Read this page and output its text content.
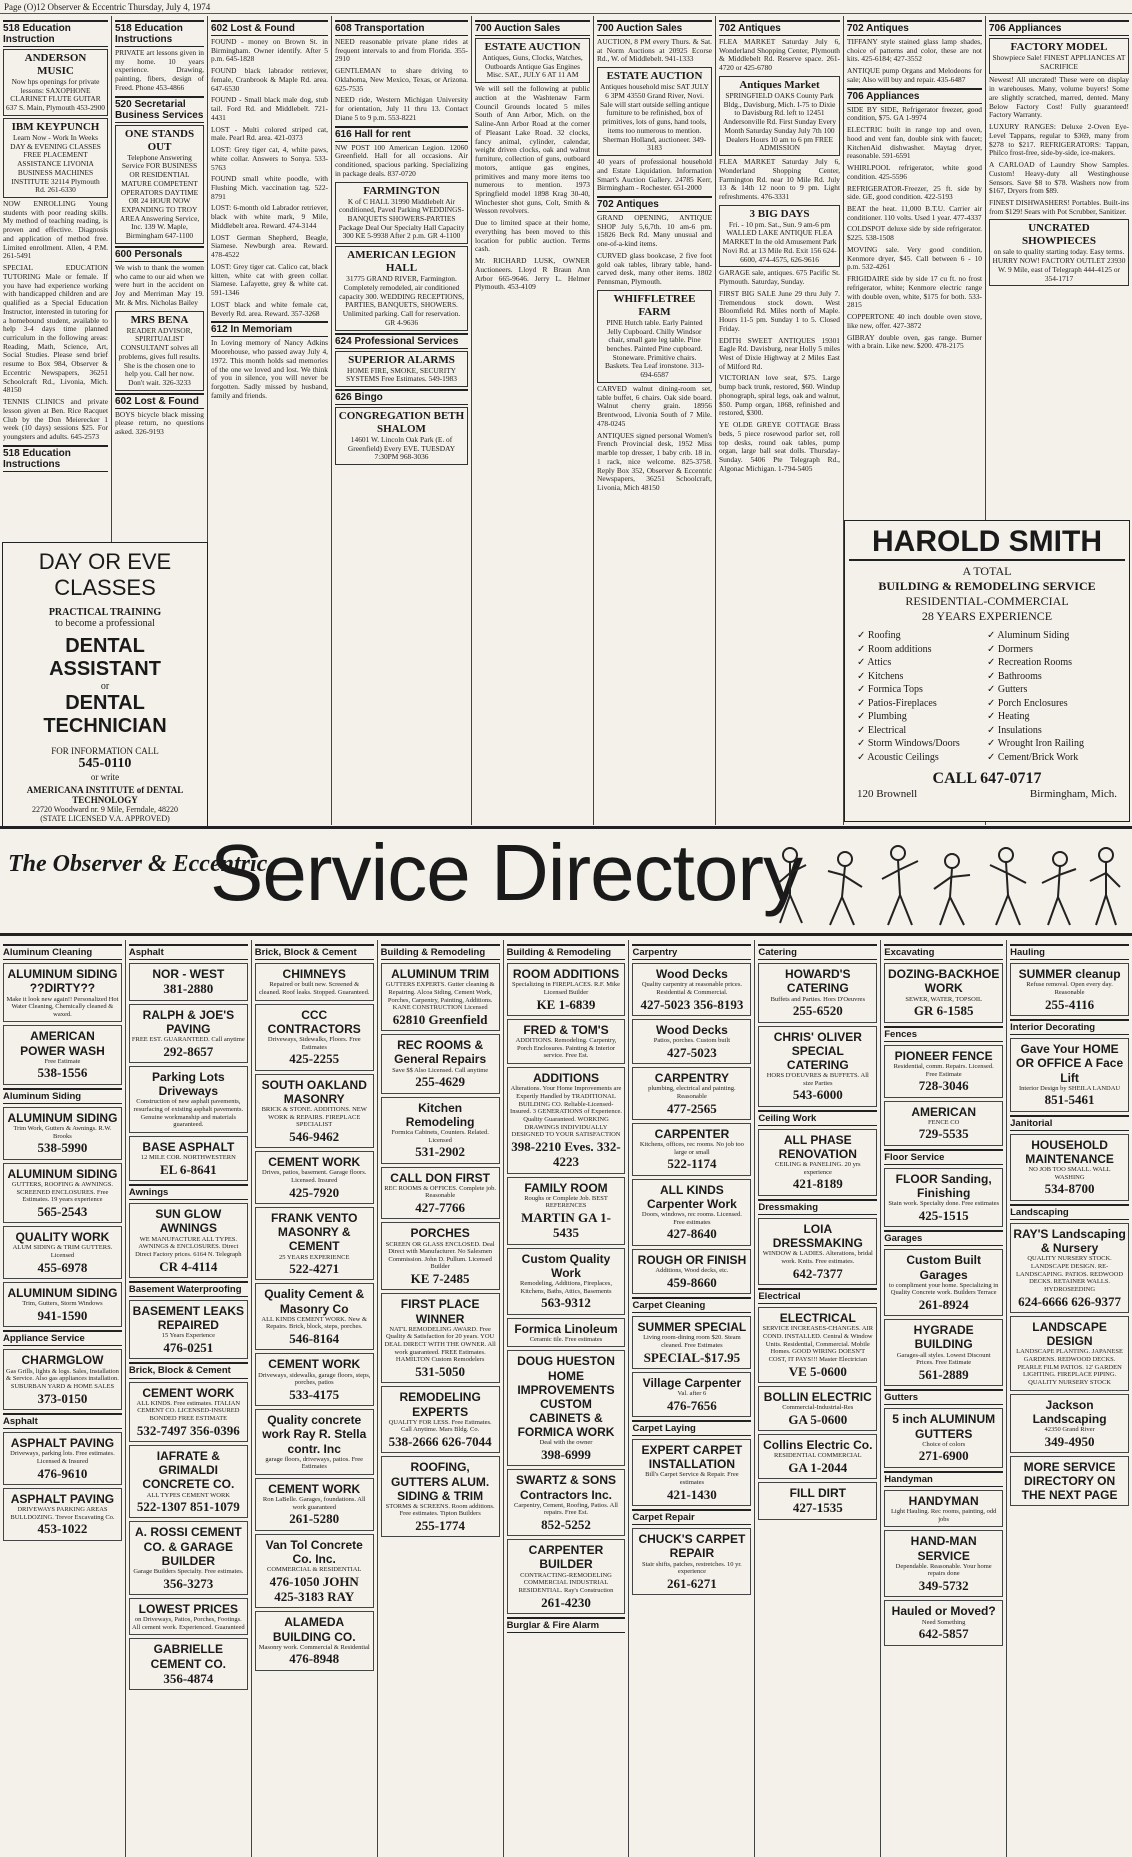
Page (O)12 Observer & Eccentric Thursday, July 4, 1974
518 Education Instruction
ANDERSON MUSIC
Now hps openings for private lessons: SAXOPHONE CLARINET FLUTE GUITAR 637 S. Main, Plymouth 453-2900
IBM KEYPUNCH
Learn Now - Work In Weeks DAY & EVENING CLASSES FREE PLACEMENT ASSISTANCE LIVONIA BUSINESS MACHINES INSTITUTE 32114 Plymouth Rd. 261-6330
NOW ENROLLING Young students with poor reading skills. My method of teaching reading, is proven and effective. Diagnosis and application of method free. Limited enrollment. Allen, 4 P.M. 261-5491
SPECIAL EDUCATION TUTORING Male or female. If you have had experience working with handicapped children and are qualified as a Special Education Instructor, interested in tutoring for a homebound student, available to help 3-4 days time planned curriculum in the following areas: Reading, Math, Science, Art, Social Studies. Please send brief resume to Box 984, Observer & Eccentric Newspapers, 36251 Schoolcraft Rd., Livonia, Mich. 48150
TENNIS CLINICS and private lesson given at Ben. Rice Racquet Club by the Don Meierecker 1 week (10 days) sessions $25. For youngsters and adults. 645-2573
518 Education Instructions
518 Education Instructions
PRIVATE art lessons given in my home. 10 years experience. Drawing, painting, fibers, design of Freed. Phone 453-4866
520 Secretarial Business Services
ONE STANDS OUT
Telephone Answering Service FOR BUSINESS OR RESIDENTIAL MATURE COMPETENT OPERATORS DAYTIME OR 24 HOUR NOW EXPANDING TO TROY AREA Answering Service, Inc. 139 W. Maple, Birmingham 647-1100
600 Personals
We wish to thank the women who came to our aid when we were hurt in the accident on Joy and Merriman May 19. Mr. & Mrs. Nicholas Bailey
MRS BENA
READER ADVISOR, SPIRITUALIST CONSULTANT solves all problems, gives full results. She is the chosen one to help you. Call her now. Don't wait. 326-3233
602 Lost & Found
BOYS bicycle black missing please return, no questions asked. 326-9193
602 Lost & Found
FOUND - money on Brown St. in Birmingham. Owner identify. After 5 p.m. 645-1828
FOUND black labrador retriever, female, Cranbrook & Maple Rd. area. 647-6530
FOUND - Small black male dog, stub tail. Ford Rd. and Middlebelt. 721-4431
LOST - Multi colored striped cat, male. Pearl Rd. area. 421-0373
LOST: Grey tiger cat, 4, white paws, white collar. Answers to Sonya. 533-5763
FOUND small white poodle, with Flushing Mich. vaccination tag. 522-8791
LOST: 6-month old Labrador retriever, black with white mark, 9 Mile, Middlebelt area. Reward. 474-3144
LOST German Shepherd, Beagle, Siamese. Newburgh area. Reward. 478-4522
LOST: Grey tiger cat. Calico cat, black kitten, white cat with green collar. Siamese. Lafayette, grey & white cat. 591-1346
LOST black and white female cat, Beverly Rd. area. Reward. 357-3268
612 In Memoriam
In Loving memory of Nancy Adkins Moorehouse, who passed away July 4, 1972. This month holds sad memories of the one we loved and lost. We think of you in silence, you will never be forgotten. Sadly missed by husband, family and friends.
608 Transportation
NEED reasonable private plane rides at frequent intervals to and from Florida. 355-2910
GENTLEMAN to share driving to Oklahoma, New Mexico, Texas, or Arizona. 625-7535
NEED ride, Western Michigan University for orientation, July 11 thru 13. Contact Diane 5 to 9 p.m. 553-8221
616 Hall for rent
NW POST 100 American Legion. 12060 Greenfield. Hall for all occasions. Air conditioned, spacious parking. Specializing in package deals. 837-0720
FARMINGTON
K of C HALL 31990 Middlebelt Air conditioned, Paved Parking WEDDINGS-BANQUETS SHOWERS-PARTIES Package Deal Our Specialty Hall Capacity 300 KE 5-9938 After 2 p.m. GR 4-1100
AMERICAN LEGION HALL
31775 GRAND RIVER, Farmington. Completely remodeled, air conditioned capacity 300. WEDDING RECEPTIONS, PARTIES, BANQUETS, SHOWERS. Unlimited parking. Call for reservation. GR 4-9636
624 Professional Services
SUPERIOR ALARMS
HOME FIRE, SMOKE, SECURITY SYSTEMS Free Estimates. 549-1983
626 Bingo
CONGREGATION BETH SHALOM
14601 W. Lincoln Oak Park (E. of Greenfield) Every EVE. TUESDAY 7:30PM 968-3036
700 Auction Sales
ESTATE AUCTION
Antiques, Guns, Clocks, Watches, Outboards Antique Gas Engines Misc. SAT., JULY 6 AT 11 AM
We will sell the following at public auction at the Washtenaw Farm Council Grounds located 5 miles South of Ann Arbor, Mich. on the Saline-Ann Arbor Road at the corner of Pleasant Lake Road. 32 clocks, fancy animal, cylinder, calendar, weight driven clocks, oak and walnut furniture, collection of guns, outboard motors, antique gas engines, primitives and many more items too numerous to mention. 1973 Springfield model 1898 Krag 30-40, Winchester shot guns, Colt, Smith & Wesson revolvers.
Due to limited space at their home, everything has been moved to this location for public auction. Terms cash.
Mr. RICHARD LUSK, OWNER Auctioneers. Lloyd R Braun Ann Arbor 665-9646. Jerry L. Helmer Plymouth. 453-4109
700 Auction Sales
AUCTION, 8 PM every Thurs. & Sat. at Norm Auctions at 20925 Ecorse Rd., W. of Middlebelt. 941-1333
ESTATE AUCTION
Antiques household misc SAT JULY 6 3PM 43550 Grand River, Novi. Sale will start outside selling antique furniture to be refinished, box of primitives, lots of guns, hand tools, items too numerous to mention. Sherman Holland, auctioneer. 349-3183
40 years of professional household and Estate Liquidation. Information Smart's Auction Gallery. 24785 Kerr, Birmingham - Rochester. 651-2000
702 Antiques
GRAND OPENING, ANTIQUE SHOP July 5,6,7th. 10 am-6 pm. 15826 Beck Rd. Many unusual and one-of-a-kind items.
CURVED glass bookcase, 2 five foot gold oak tables, library table, hand-carved desk, many other items. 1802 Pennsman, Plymouth.
WHIFFLETREE FARM
PINE Hutch table. Early Painted Jelly Cupboard. Chilly Windsor chair, small gate leg table. Pine benches. Painted Pine cupboard. Stoneware. Primitive chairs. Baskets. Tea Leaf ironstone. 313-694-6587
CARVED walnut dining-room set, table buffet, 6 chairs. Oak side board. Walnut cherry grain. 18956 Brentwood, Livonia South of 7 Mile. 478-0245
ANTIQUES signed personal Women's French Provincial desk, 1952 Miss marble top dresser, 1 baby crib. 18 in. 1 rack, nice welcome. 825-3758. Reply Box 352, Observer & Eccentric Newspapers, 36251 Schoolcraft, Livonia, Mich 48150
702 Antiques
FLEA MARKET Saturday July 6, Wonderland Shopping Center, Plymouth & Middlebelt Rd. Reserve space. 261-4720 or 425-6780
Antiques Market
SPRINGFIELD OAKS County Park Bldg., Davisburg, Mich. I-75 to Dixie to Davisburg Rd. left to 12451 Andersonville Rd. First Sunday Every Month Saturday Sunday July 7th 100 Dealers Hours 10 am to 6 pm FREE ADMISSION
FLEA MARKET Saturday July 6, Wonderland Shopping Center, Farmington Rd. near 10 Mile Rd. July 13 & 14th 12 noon to 9 pm. Light refreshments. 476-3331
3 BIG DAYS
Fri. - 10 pm. Sat., Sun. 9 am-6 pm WALLED LAKE ANTIQUE FLEA MARKET In the old Amusement Park Novi Rd. at 13 Mile Rd. Exit 156 624-6600, 474-4575, 626-9616
GARAGE sale, antiques. 675 Pacific St. Plymouth. Saturday, Sunday.
FIRST BIG SALE June 29 thru July 7. Tremendous stock down. West Bloomfield Rd. Miles north of Maple. Hours 11-5 pm. Sunday 1 to 5. Closed Friday.
EDITH SWEET ANTIQUES 19301 Eagle Rd. Davisburg, near Holly 5 miles West of Dixie Highway at 2 Miles East of Milford Rd.
VICTORIAN love seat, $75. Large bump back trunk, restored, $60. Windup phonograph, spiral legs, oak and walnut, $50. Pump organ, 1868, refinished and restored, $300.
YE OLDE GREYE COTTAGE Brass beds, 5 piece rosewood parlor set, roll top desks, round oak tables, pump organ, large ball seat dolls. Thursday-Sunday. 5406 Pte Telegraph Rd., Algonac Michigan. 1-794-5405
702 Antiques
TIFFANY style stained glass lamp shades, choice of patterns and color, these are not kits. 425-6184; 427-3552
ANTIQUE pump Organs and Melodeons for sale; Also will buy and repair. 435-6487
706 Appliances
SIDE BY SIDE, Refrigerator freezer, good condition, $75. GA 1-9974
ELECTRIC built in range top and oven, hood and vent fan, double sink with faucet; KitchenAid dishwasher. Maytag dryer, reasonable. 591-6591
WHIRLPOOL refrigerator, white good condition. 425-5596
REFRIGERATOR-Freezer, 25 ft. side by side. GE, good condition. 422-5193
BEAT the heat. 11,000 B.T.U. Carrier air conditioner. 110 volts. Used 1 year. 477-4337
COLDSPOT deluxe side by side refrigerator. $225. 538-1508
MOVING sale. Very good condition, Kenmore dryer, $45. Call between 6 - 10 p.m. 532-4261
FRIGIDAIRE side by side 17 cu ft. no frost refrigerator, white; Kenmore electric range with double oven, white, $175 for both. 533-2815
COPPERTONE 40 inch double oven stove, like new, offer. 427-3872
GIBRAY double oven, gas range. Burner with a brain. Like new. $200. 478-2175
706 Appliances
FACTORY MODEL
Showpiece Sale! FINEST APPLIANCES AT SACRIFICE
Newest! All uncrated! These were on display in warehouses. Many, volume buyers! Some are slightly scratched, marred, dented. Many Below Factory Cost! Fully guaranteed! Factory Warranty.
LUXURY RANGES: Deluxe 2-Oven Eye-Level Tappans, regular to $369, many from $278 to $217. REFRIGERATORS: Tappan, Philco frost-free, side-by-side, ice-makers.
A CARLOAD of Laundry Show Samples. Custom! Heavy-duty all Westinghouse Sensors. Save $8 to $78. Washers now from $167, Dryers from $89.
FINEST DISHWASHERS! Portables. Built-ins from $129! Sears with Pot Scrubber, Sanitizer.
UNCRATED SHOWPIECES
on sale to quality starting today. Easy terms. HURRY NOW! FACTORY OUTLET 23930 W. 9 Mile, east of Telegraph 444-4125 or 354-1717
DAY OR EVE CLASSES
PRACTICAL TRAINING
to become a professional
DENTAL ASSISTANT
or
DENTAL TECHNICIAN
FOR INFORMATION CALL
545-0110
or write
AMERICANA INSTITUTE of DENTAL TECHNOLOGY
22720 Woodward nr. 9 Mile, Ferndale, 48220
(STATE LICENSED V.A. APPROVED)
HAROLD SMITH
A TOTAL
BUILDING & REMODELING SERVICE
RESIDENTIAL-COMMERCIAL
28 YEARS EXPERIENCE
✓ Roofing
✓ Room additions
✓ Attics
✓ Kitchens
✓ Formica Tops
✓ Patios-Fireplaces
✓ Plumbing
✓ Electrical
✓ Storm Windows/Doors
✓ Acoustic Ceilings
✓ Aluminum Siding
✓ Dormers
✓ Recreation Rooms
✓ Bathrooms
✓ Gutters
✓ Porch Enclosures
✓ Heating
✓ Insulations
✓ Wrought Iron Railing
✓ Cement/Brick Work
CALL 647-0717
120 Brownell	Birmingham, Mich.
The Observer & Eccentric
Service Directory
Aluminum Cleaning
ALUMINUM SIDING ??DIRTY??
Make it look new again!! Personalized Hot Water Cleaning, Chemically cleaned & waxed.
AMERICAN POWER WASH
Free Estimate
538-1556
Aluminum Siding
ALUMINUM SIDING
Trim Work, Gutters & Awnings. R.W. Brooks
538-5990
ALUMINUM SIDING
GUTTERS, ROOFING & AWNINGS. SCREENED ENCLOSURES. Free Estimates. 19 years experience
565-2543
QUALITY WORK
ALUM SIDING & TRIM GUTTERS. Licensed
455-6978
ALUMINUM SIDING
Trim, Gutters, Storm Windows
941-1590
Appliance Service
CHARMGLOW
Gas Grills, lights & logs. Sales, Installation & Service. Also gas appliances installation. SUBURBAN YARD & HOME SALES
373-0150
Asphalt
ASPHALT PAVING
Driveways, parking lots. Free estimates. Licensed & Insured
476-9610
ASPHALT PAVING
DRIVEWAYS PARKING AREAS BULLDOZING. Trevor Excavating Co.
453-1022
Asphalt
NOR - WEST
381-2880
RALPH & JOE'S PAVING
FREE EST. GUARANTEED. Call anytime
292-8657
Parking Lots Driveways
Construction of new asphalt pavements, resurfacing of existing asphalt pavements. Genuine workmanship and materials guaranteed.
BASE ASPHALT
12 MILE COR. NORTHWESTERN
EL 6-8641
Awnings
SUN GLOW AWNINGS
WE MANUFACTURE ALL TYPES. AWNINGS & ENCLOSURES. Direct Direct Factory prices. 6164 N. Telegraph
CR 4-4114
Basement Waterproofing
BASEMENT LEAKS REPAIRED
15 Years Experience
476-0251
Brick, Block & Cement
CEMENT WORK
ALL KINDS. Free estimates. ITALIAN CEMENT CO. LICENSED-INSURED BONDED FREE ESTIMATE
532-7497 356-0396
IAFRATE & GRIMALDI CONCRETE CO.
ALL TYPES CEMENT WORK
522-1307 851-1079
A. ROSSI CEMENT CO. & GARAGE BUILDER
Garage Builders Specialty. Free estimates.
356-3273
LOWEST PRICES
on Driveways, Patios, Porches, Footings. All cement work. Experienced. Guaranteed
GABRIELLE CEMENT CO.
356-4874
Brick, Block & Cement
CHIMNEYS
Repaired or built new. Screened & cleaned. Roof leaks. Stopped. Guaranteed.
CCC CONTRACTORS
Driveways, Sidewalks, Floors. Free Estimates
425-2255
SOUTH OAKLAND MASONRY
BRICK & STONE. ADDITIONS. NEW WORK & REPAIRS. FIREPLACE SPECIALIST
546-9462
CEMENT WORK
Drives, patios, basement. Garage floors. Licensed. Insured
425-7920
FRANK VENTO MASONRY & CEMENT
25 YEARS EXPERIENCE
522-4271
Quality Cement & Masonry Co
ALL KINDS CEMENT WORK. New & Repairs. Brick, block, steps, porches.
546-8164
CEMENT WORK
Driveways, sidewalks, garage floors, steps, porches, patios
533-4175
Quality concrete work Ray R. Stella contr. Inc
garage floors, driveways, patios. Free Estimates
CEMENT WORK
Ron LaBelle. Garages, foundations. All work guaranteed
261-5280
Van Tol Concrete Co. Inc.
COMMERCIAL & RESIDENTIAL
476-1050 JOHN 425-3183 RAY
ALAMEDA BUILDING CO.
Masonry work. Commercial & Residential
476-8948
Building & Remodeling
ALUMINUM TRIM
GUTTERS EXPERTS. Gutter cleaning & Repairing. Alcoa Siding, Cement Work, Porches, Carpentry, Painting, Additions. KANE CONSTRUCTION Licensed
62810 Greenfield
REC ROOMS & General Repairs
Save $$ Also Licensed. Call anytime
255-4629
Kitchen Remodeling
Formica Cabinets, Counters. Related. Licensed
531-2902
CALL DON FIRST
REC ROOMS & OFFICES. Complete job. Reasonable
427-7766
PORCHES
SCREEN OR GLASS ENCLOSED. Deal Direct with Manufacturer. No Salesmen Commission. John D. Pullum. Licensed Builder
KE 7-2485
FIRST PLACE WINNER
NAT'L REMODELING AWARD. Free Quality & Satisfaction for 20 years. YOU DEAL DIRECT WITH THE OWNER. All work guaranteed. FREE Estimates. HAMILTON Custom Remodelers
531-5050
REMODELING EXPERTS
QUALITY FOR LESS. Free Estimates. Call Anytime. Mars Bldg. Co.
538-2666 626-7044
ROOFING, GUTTERS ALUM. SIDING & TRIM
STORMS & SCREENS. Room additions. Free estimates. Tipton Builders
255-1774
Building & Remodeling
ROOM ADDITIONS
Specializing in FIREPLACES. R.F. Mike Licensed Builder
KE 1-6839
FRED & TOM'S
ADDITIONS. Remodeling. Carpentry, Porch Enclosures. Painting & Interior service. Free Est.
ADDITIONS
Alterations. Your Home Improvements are Expertly Handled by TRADITIONAL BUILDING CO. Reliable-Licensed-Insured. 3 GENERATIONS of Experience. Quality Guaranteed. WORKING DRAWINGS INDIVIDUALLY DESIGNED TO YOUR SATISFACTION
398-2210 Eves. 332-4223
FAMILY ROOM
Roughs or Complete Job. BEST REFERENCES
MARTIN GA 1-5435
Custom Quality Work
Remodeling, Additions, Fireplaces, Kitchens, Baths, Attics, Basements
563-9312
Formica Linoleum
Ceramic tile. Free estimates
DOUG HUESTON HOME IMPROVEMENTS CUSTOM CABINETS & FORMICA WORK
Deal with the owner
398-6999
SWARTZ & SONS Contractors Inc.
Carpentry, Cement, Roofing, Patios. All repairs. Free Est.
852-5252
CARPENTER BUILDER
CONTRACTING-REMODELING COMMERCIAL INDUSTRIAL RESIDENTIAL. Ray's Construction
261-4230
Burglar & Fire Alarm
Carpentry
Wood Decks
Quality carpentry at reasonable prices. Residential & Commercial.
427-5023 356-8193
Wood Decks
Patios, porches. Custom built
427-5023
CARPENTRY
plumbing, electrical and painting. Reasonable
477-2565
CARPENTER
Kitchens, offices, rec rooms. No job too large or small
522-1174
ALL KINDS Carpenter Work
Doors, windows, rec rooms. Licensed. Free estimates
427-8640
ROUGH OR FINISH
Additions, Wood decks, etc.
459-8660
Carpet Cleaning
SUMMER SPECIAL
Living room-dining room $20. Steam cleaned. Free Estimates
SPECIAL-$17.95
Village Carpenter
Val. after 6
476-7656
Carpet Laying
EXPERT CARPET INSTALLATION
Bill's Carpet Service & Repair. Free estimates
421-1430
Carpet Repair
CHUCK'S CARPET REPAIR
Stair shifts, patches, restretches. 10 yr. experience
261-6271
Catering
HOWARD'S CATERING
Buffets and Parties. Hors D'Oeuvres
255-6520
CHRIS' OLIVER SPECIAL CATERING
HORS D'OEUVRES & BUFFETS. All size Parties
543-6000
Ceiling Work
ALL PHASE RENOVATION
CEILING & PANELING. 20 yrs experience
421-8189
Dressmaking
LOIA DRESSMAKING
WINDOW & LADIES. Alterations, bridal work. Knits. Free estimates.
642-7377
Electrical
ELECTRICAL
SERVICE INCREASES-CHANGES. AIR COND. INSTALLED. Central & Window Units. Residential, Commercial. Mobile Homes. GOOD WIRING DOESN'T COST, IT PAYS!!! Master Electrician
VE 5-0600
BOLLIN ELECTRIC
Commercial-Industrial-Res
GA 5-0600
Collins Electric Co.
RESIDENTIAL COMMERCIAL
GA 1-2044
FILL DIRT
427-1535
Excavating
DOZING-BACKHOE WORK
SEWER, WATER, TOPSOIL
GR 6-1585
Fences
PIONEER FENCE
Residential, comm. Repairs. Licensed. Free Estimate
728-3046
AMERICAN
FENCE CO
729-5535
Floor Service
FLOOR Sanding, Finishing
Stain work. Specialty done. Free estimates
425-1515
Garages
Custom Built Garages
to compliment your home. Specializing in Quality Concrete work. Builders Terrace
261-8924
HYGRADE BUILDING
Garages-all styles. Lowest Discount Prices. Free Estimate
561-2889
Gutters
5 inch ALUMINUM GUTTERS
Choice of colors
271-6900
Handyman
HANDYMAN
Light Hauling. Rec rooms, painting, odd jobs
HAND-MAN SERVICE
Dependable. Reasonable. Your home repairs done
349-5732
Hauled or Moved?
Need Something
642-5857
Hauling
SUMMER cleanup
Refuse removal. Open every day. Reasonable
255-4116
Interior Decorating
Gave Your HOME OR OFFICE A Face Lift
Interior Design by SHEILA LANDAU
851-5461
Janitorial
HOUSEHOLD MAINTENANCE
NO JOB TOO SMALL. WALL WASHING
534-8700
Landscaping
RAY'S Landscaping & Nursery
QUALITY NURSERY STOCK. LANDSCAPE DESIGN. RE-LANDSCAPING. PATIOS. REDWOOD DECKS. RETAINER WALLS. HYDROSEEDING
624-6666 626-9377
LANDSCAPE DESIGN
LANDSCAPE PLANTING. JAPANESE GARDENS. REDWOOD DECKS. PEARLE FILM PATIOS. 12' GARDEN LIGHTING. FIREPLACE PIPING. QUALITY NURSERY STOCK
Jackson Landscaping
42350 Grand River
349-4950
MORE SERVICE DIRECTORY ON THE NEXT PAGE
